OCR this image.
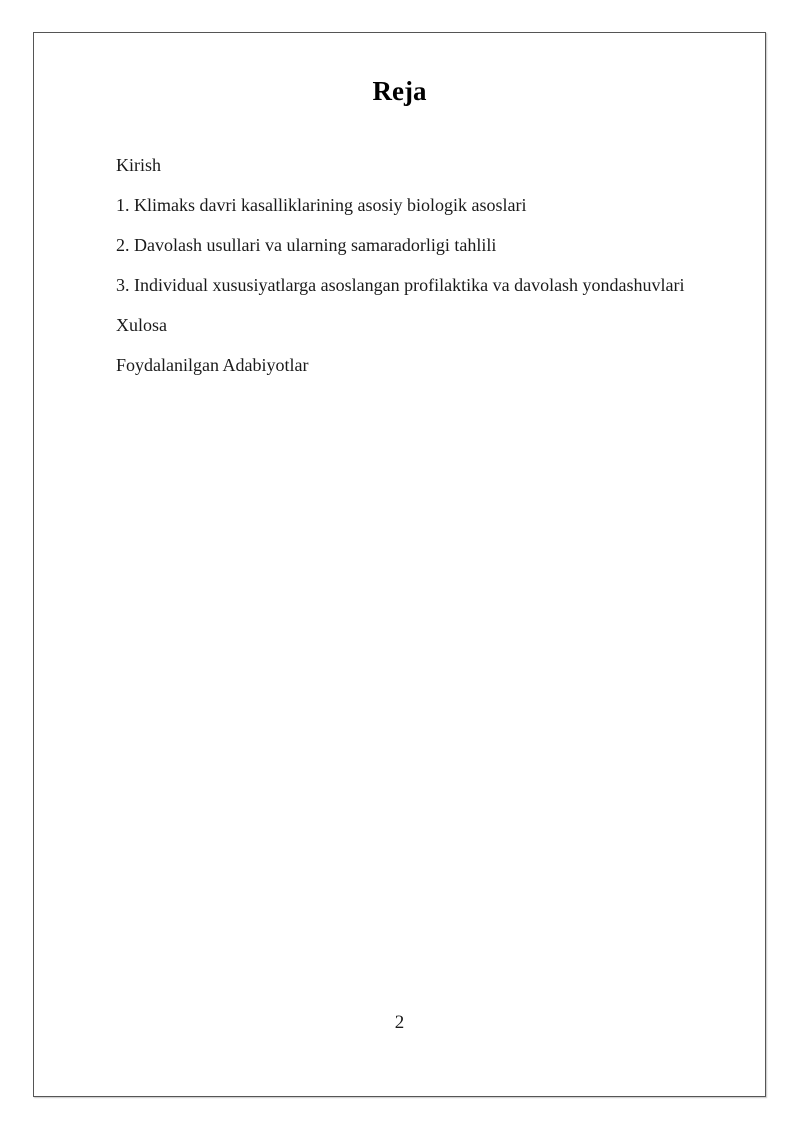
Reja
Kirish
1. Klimaks davri kasalliklarining asosiy biologik asoslari
2. Davolash usullari va ularning samaradorligi tahlili
3. Individual xususiyatlarga asoslangan profilaktika va davolash yondashuvlari
Xulosa
Foydalanilgan Adabiyotlar
2
